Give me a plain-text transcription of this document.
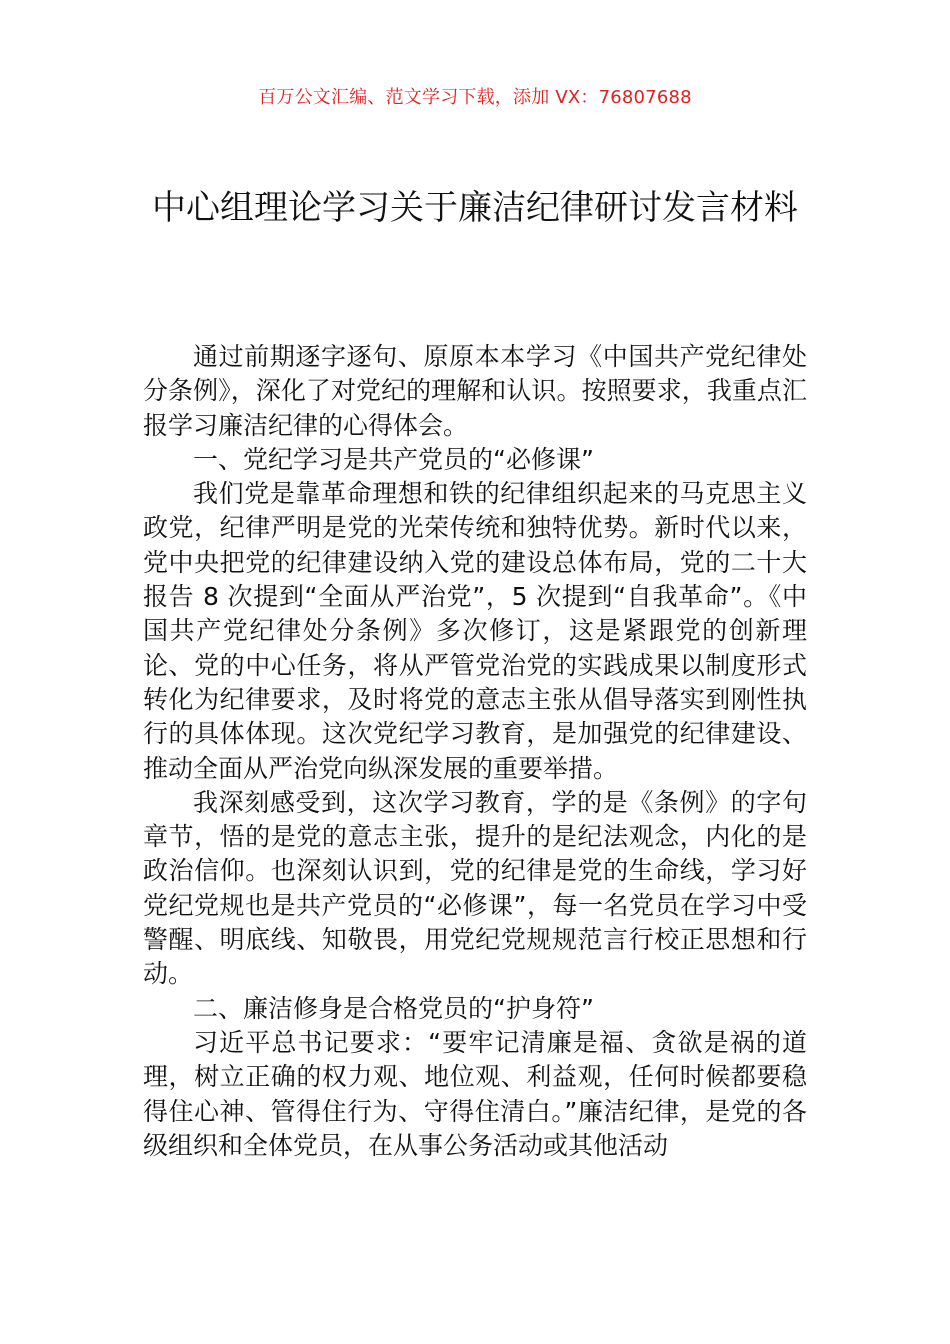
百万公文汇编、范文学习下载，添加 VX：76807688
中心组理论学习关于廉洁纪律研讨发言材料

通过前期逐字逐句、原原本本学习《中国共产党纪律处分条例》，深化了对党纪的理解和认识。按照要求，我重点汇报学习廉洁纪律的心得体会。

一、党纪学习是共产党员的“必修课”

我们党是靠革命理想和铁的纪律组织起来的马克思主义政党，纪律严明是党的光荣传统和独特优势。新时代以来，党中央把党的纪律建设纳入党的建设总体布局，党的二十大报告 8 次提到“全面从严治党”，5 次提到“自我革命”。《中国共产党纪律处分条例》多次修订，这是紧跟党的创新理论、党的中心任务，将从严管党治党的实践成果以制度形式转化为纪律要求，及时将党的意志主张从倡导落实到刚性执行的具体体现。这次党纪学习教育，是加强党的纪律建设、推动全面从严治党向纵深发展的重要举措。

我深刻感受到，这次学习教育，学的是《条例》的字句章节，悟的是党的意志主张，提升的是纪法观念，内化的是政治信仰。也深刻认识到，党的纪律是党的生命线，学习好党纪党规也是共产党员的“必修课”，每一名党员在学习中受警醒、明底线、知敬畏，用党纪党规规范言行校正思想和行动。

二、廉洁修身是合格党员的“护身符”

习近平总书记要求：“要牢记清廉是福、贪欲是祸的道理，树立正确的权力观、地位观、利益观，任何时候都要稳得住心神、管得住行为、守得住清白。”廉洁纪律，是党的各级组织和全体党员，在从事公务活动或其他活动
